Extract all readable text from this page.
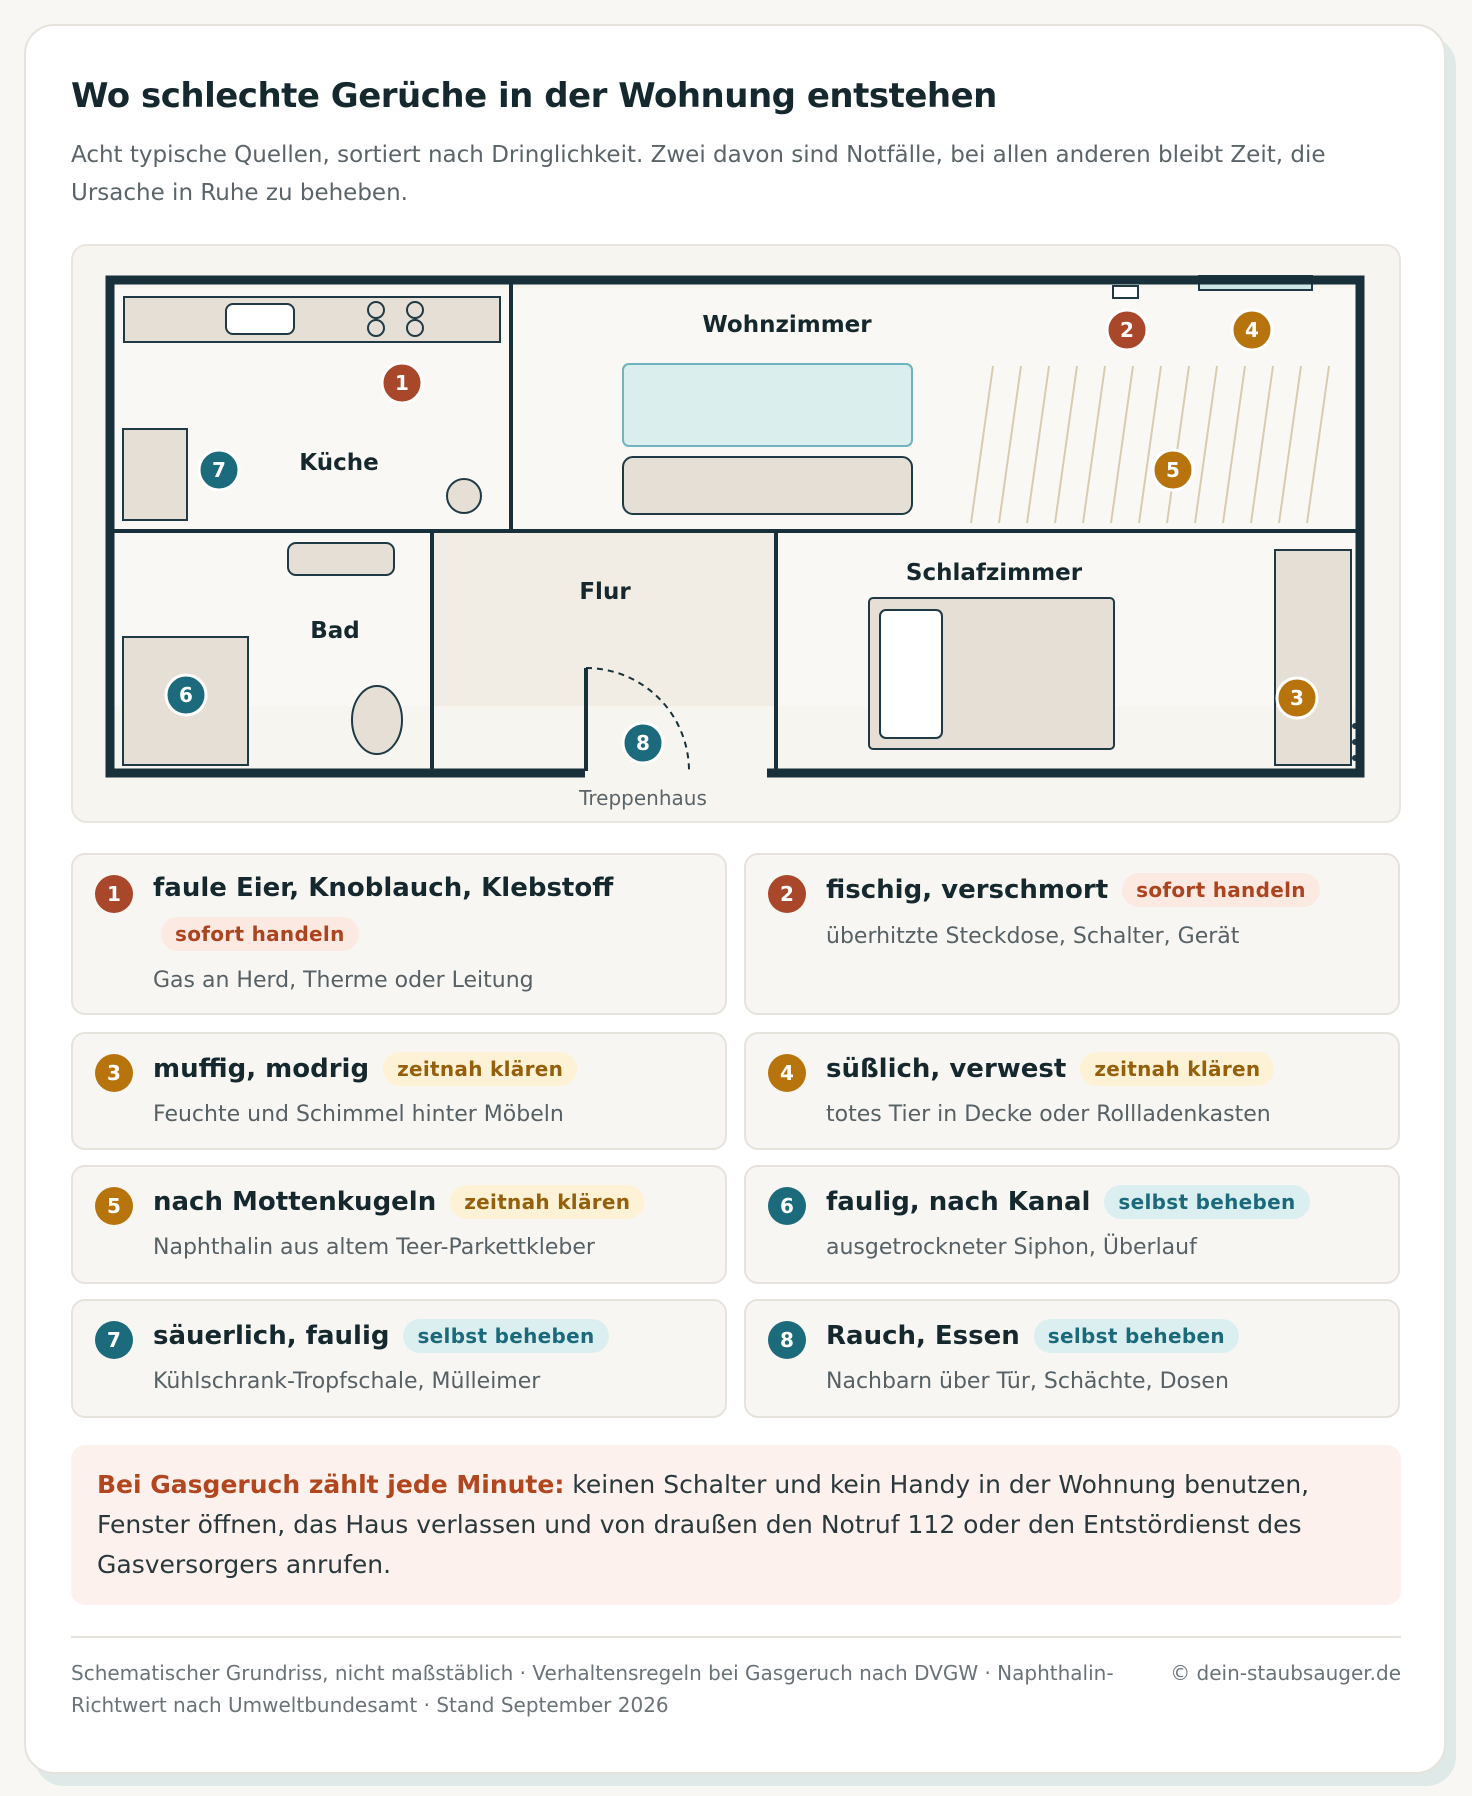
Wo schlechte Gerüche in der Wohnung entstehen

Acht typische Quellen, sortiert nach Dringlichkeit. Zwei davon sind Notfälle, bei allen anderen bleibt Zeit, die Ursache in Ruhe zu beheben.

Küche
Wohnzimmer
Bad
Flur
Schlafzimmer
Treppenhaus
1
2
3
4
5
6
7
8
1	faule Eier, Knoblauch, Klebstoff
sofort handeln
Gas an Herd, Therme oder Leitung
2	fischig, verschmort	sofort handeln
überhitzte Steckdose, Schalter, Gerät
3	muffig, modrig	zeitnah klären
Feuchte und Schimmel hinter Möbeln
4	süßlich, verwest	zeitnah klären
totes Tier in Decke oder Rollladenkasten
5	nach Mottenkugeln	zeitnah klären
Naphthalin aus altem Teer-Parkettkleber
6	faulig, nach Kanal	selbst beheben
ausgetrockneter Siphon, Überlauf
7	säuerlich, faulig	selbst beheben
Kühlschrank-Tropfschale, Mülleimer
8	Rauch, Essen	selbst beheben
Nachbarn über Tür, Schächte, Dosen
Bei Gasgeruch zählt jede Minute: keinen Schalter und kein Handy in der Wohnung benutzen, Fenster öffnen, das Haus verlassen und von draußen den Notruf 112 oder den Entstördienst des Gasversorgers anrufen.
Schematischer Grundriss, nicht maßstäblich · Verhaltensregeln bei Gasgeruch nach DVGW · Naphthalin-Richtwert nach Umweltbundesamt · Stand September 2026
© dein-staubsauger.de
